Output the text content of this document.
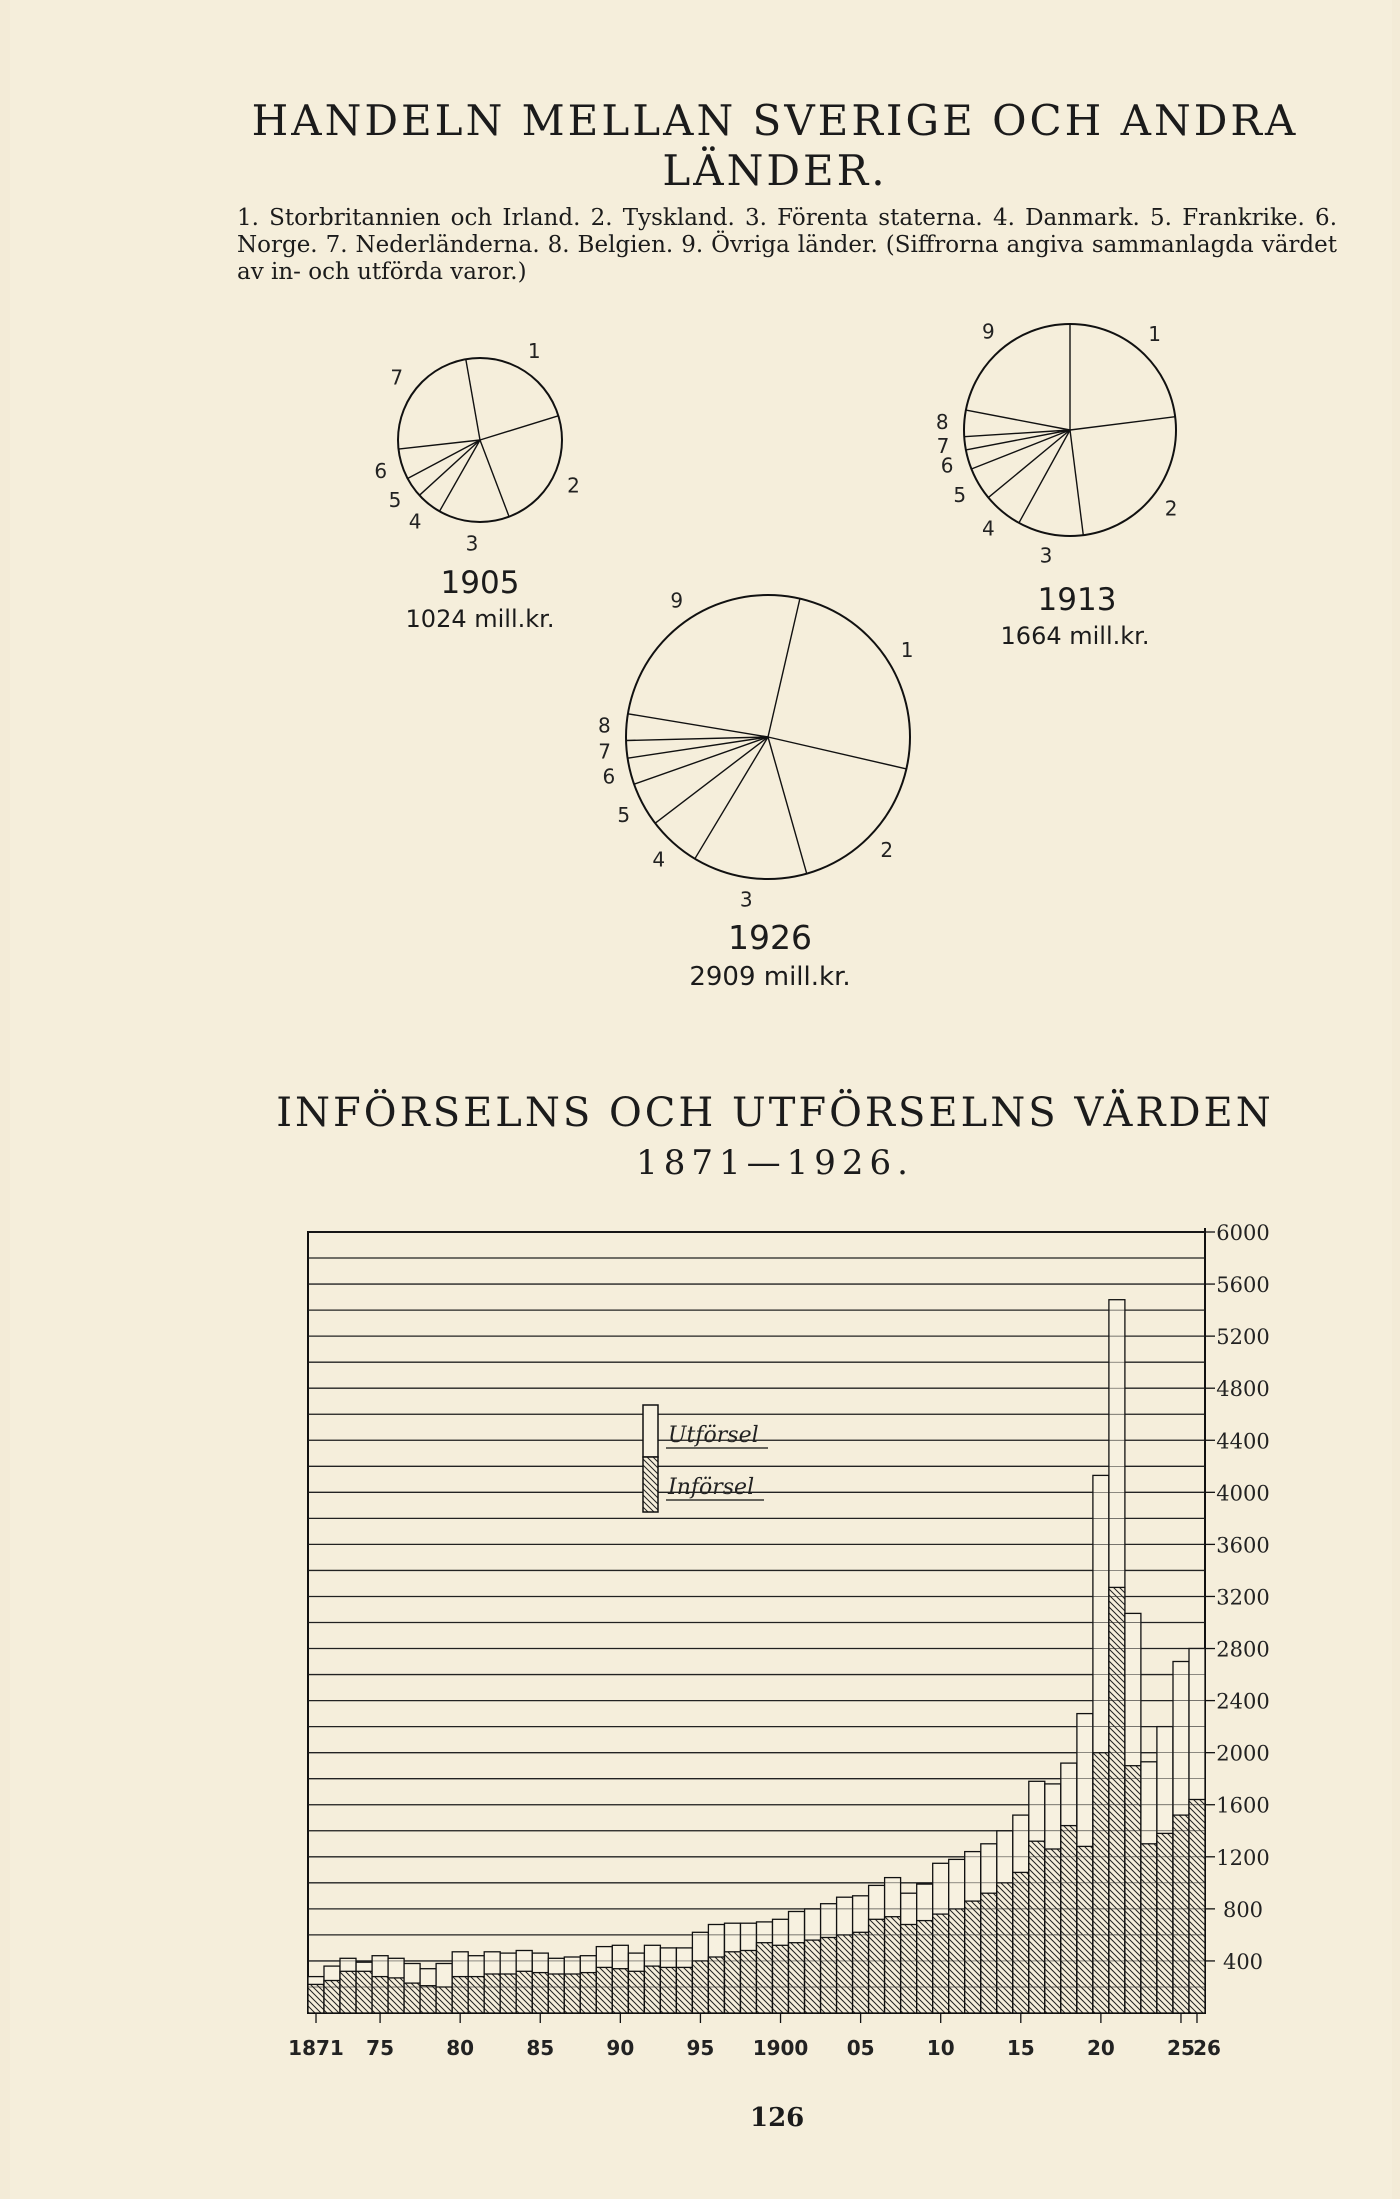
HANDELN MELLAN SVERIGE OCH ANDRA LÄNDER.
1. Storbritannien och Irland. 2. Tyskland. 3. Förenta staterna. 4. Danmark. 5. Frankrike. 6. Norge. 7. Nederländerna. 8. Belgien. 9. Övriga länder. (Siffrorna angiva sammanlagda värdet av in- och utförda varor.)
1
2
3
4
5
6
7
1
2
3
4
5
6
7
8
9
1
2
3
4
5
6
7
8
9
1905
1024 mill.kr.
1913
1664 mill.kr.
1926
2909 mill.kr.
INFÖRSELNS OCH UTFÖRSELNS VÄRDEN
1871—1926.
400
800
1200
1600
2000
2400
2800
3200
3600
4000
4400
4800
5200
5600
6000
1871 75	80	85	90	95 1900 05	10	15	20	25
26
Utförsel
Införsel
126
